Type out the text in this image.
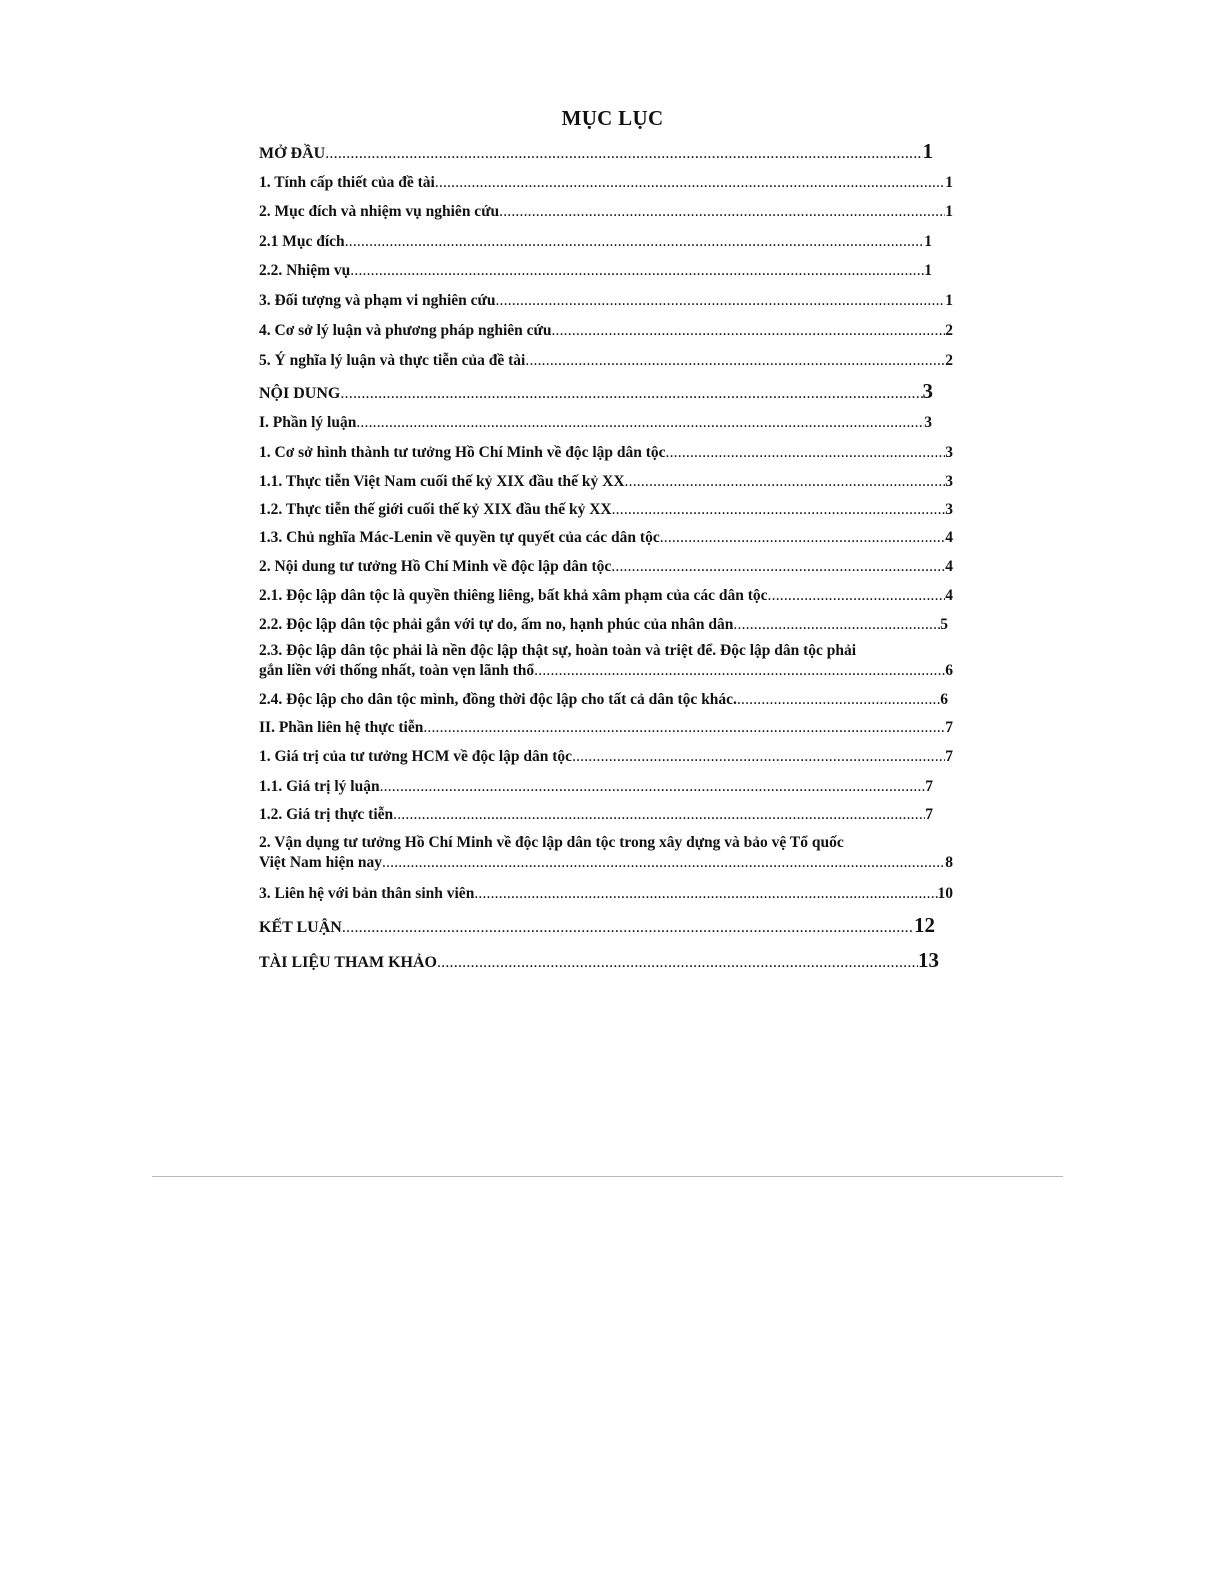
MỤC LỤC
MỞ ĐẦU .....	1
1. Tính cấp thiết của đề tài .....	1
2. Mục đích và nhiệm vụ nghiên cứu .....	1
2.1 Mục đích .....	1
2.2. Nhiệm vụ .....	1
3. Đối tượng và phạm vi nghiên cứu .....	1
4. Cơ sở lý luận và phương pháp nghiên cứu .....	2
5. Ý nghĩa lý luận và thực tiễn của đề tài .....	2
NỘI DUNG .....	3
I. Phần lý luận .....	3
1. Cơ sở hình thành tư tưởng Hồ Chí Minh về độc lập dân tộc .....	3
1.1. Thực tiễn Việt Nam cuối thế kỷ XIX đầu thế kỷ XX .....	3
1.2. Thực tiễn thế giới cuối thế kỷ XIX đầu thế kỷ XX .....	3
1.3. Chủ nghĩa Mác-Lenin về quyền tự quyết của các dân tộc .....	4
2. Nội dung tư tưởng Hồ Chí Minh về độc lập dân tộc .....	4
2.1. Độc lập dân tộc là quyền thiêng liêng, bất khả xâm phạm của các dân tộc .....	4
2.2. Độc lập dân tộc phải gắn với tự do, ấm no, hạnh phúc của nhân dân .....	5
2.3. Độc lập dân tộc phải là nền độc lập thật sự, hoàn toàn và triệt để. Độc lập dân tộc phải
gắn liền với thống nhất, toàn vẹn lãnh thổ .....	6
2.4. Độc lập cho dân tộc mình, đồng thời độc lập cho tất cả dân tộc khác. .....	6
II. Phần liên hệ thực tiễn .....	7
1. Giá trị của tư tưởng HCM về độc lập dân tộc .....	7
1.1. Giá trị lý luận .....	7
1.2. Giá trị thực tiễn .....	7
2. Vận dụng tư tưởng Hồ Chí Minh về độc lập dân tộc trong xây dựng và bảo vệ Tổ quốc
Việt Nam hiện nay .....	8
3. Liên hệ với bản thân sinh viên .....	10
KẾT LUẬN .....	12
TÀI LIỆU THAM KHẢO .....	13
